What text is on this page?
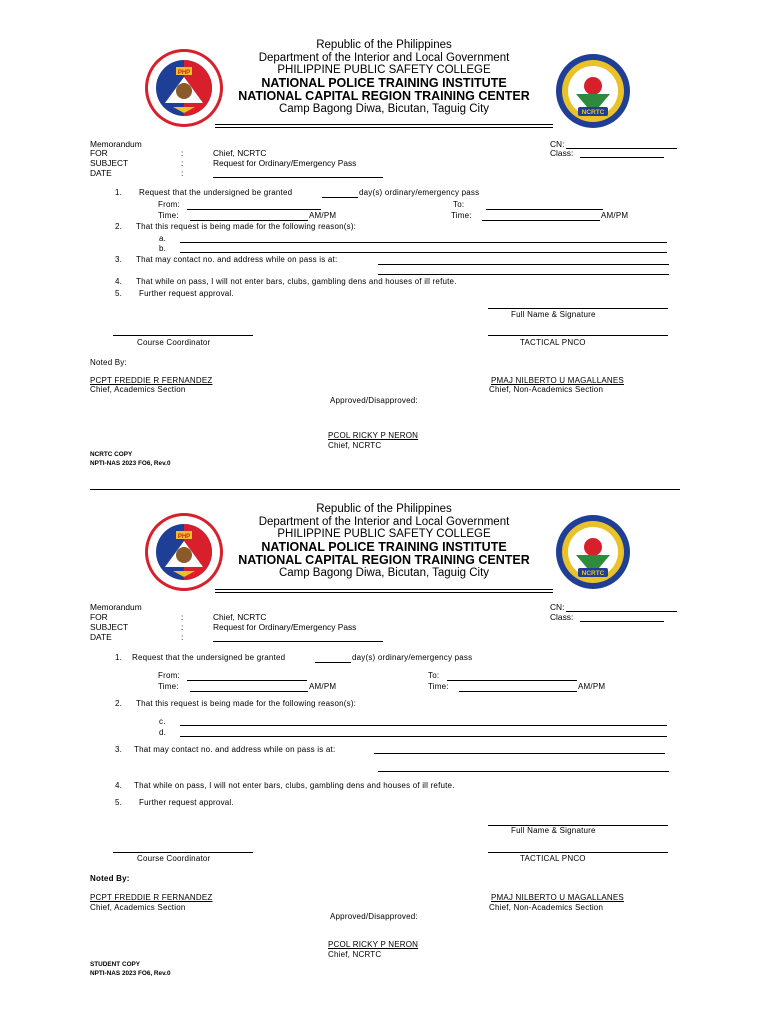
PHP
NCRTC
Republic of the Philippines
Department of the Interior and Local Government
PHILIPPINE PUBLIC SAFETY COLLEGE
NATIONAL POLICE TRAINING INSTITUTE
NATIONAL CAPITAL REGION TRAINING CENTER
Camp Bagong Diwa, Bicutan, Taguig City
Memorandum
FOR	:	Chief, NCRTC
SUBJECT	:	Request for Ordinary/Emergency Pass
DATE	:
CN:
Class:
1. Request that the undersigned be granted	day(s) ordinary/emergency pass
From:	To:
Time:	AM/PM	Time:	AM/PM
2. That this request is being made for the following reason(s):
a.
b.
3. That may contact no. and address while on pass is at:
4. That while on pass, I will not enter bars, clubs, gambling dens and houses of ill refute.
5. Further request approval.
Full Name & Signature
Course Coordinator	TACTICAL PNCO
Noted By:
PCPT FREDDIE R FERNANDEZ
Chief, Academics Section
PMAJ NILBERTO U MAGALLANES
Chief, Non-Academics Section
Approved/Disapproved:
PCOL RICKY P NERON
Chief, NCRTC
NCRTC COPY
NPTI-NAS 2023 FO6, Rev.0
PHP
NCRTC
Republic of the Philippines
Department of the Interior and Local Government
PHILIPPINE PUBLIC SAFETY COLLEGE
NATIONAL POLICE TRAINING INSTITUTE
NATIONAL CAPITAL REGION TRAINING CENTER
Camp Bagong Diwa, Bicutan, Taguig City
Memorandum
FOR	:	Chief, NCRTC
SUBJECT	:	Request for Ordinary/Emergency Pass
DATE	:
CN:
Class:
1. Request that the undersigned be granted	day(s) ordinary/emergency pass
From:	To:
Time:	AM/PM	Time:	AM/PM
2. That this request is being made for the following reason(s):
c.
d.
3. That may contact no. and address while on pass is at:
4. That while on pass, I will not enter bars, clubs, gambling dens and houses of ill refute.
5. Further request approval.
Full Name & Signature
Course Coordinator	TACTICAL PNCO
Noted By:
PCPT FREDDIE R FERNANDEZ
Chief, Academics Section
PMAJ NILBERTO U MAGALLANES
Chief, Non-Academics Section
Approved/Disapproved:
PCOL RICKY P NERON
Chief, NCRTC
STUDENT COPY
NPTI-NAS 2023 FO6, Rev.0
